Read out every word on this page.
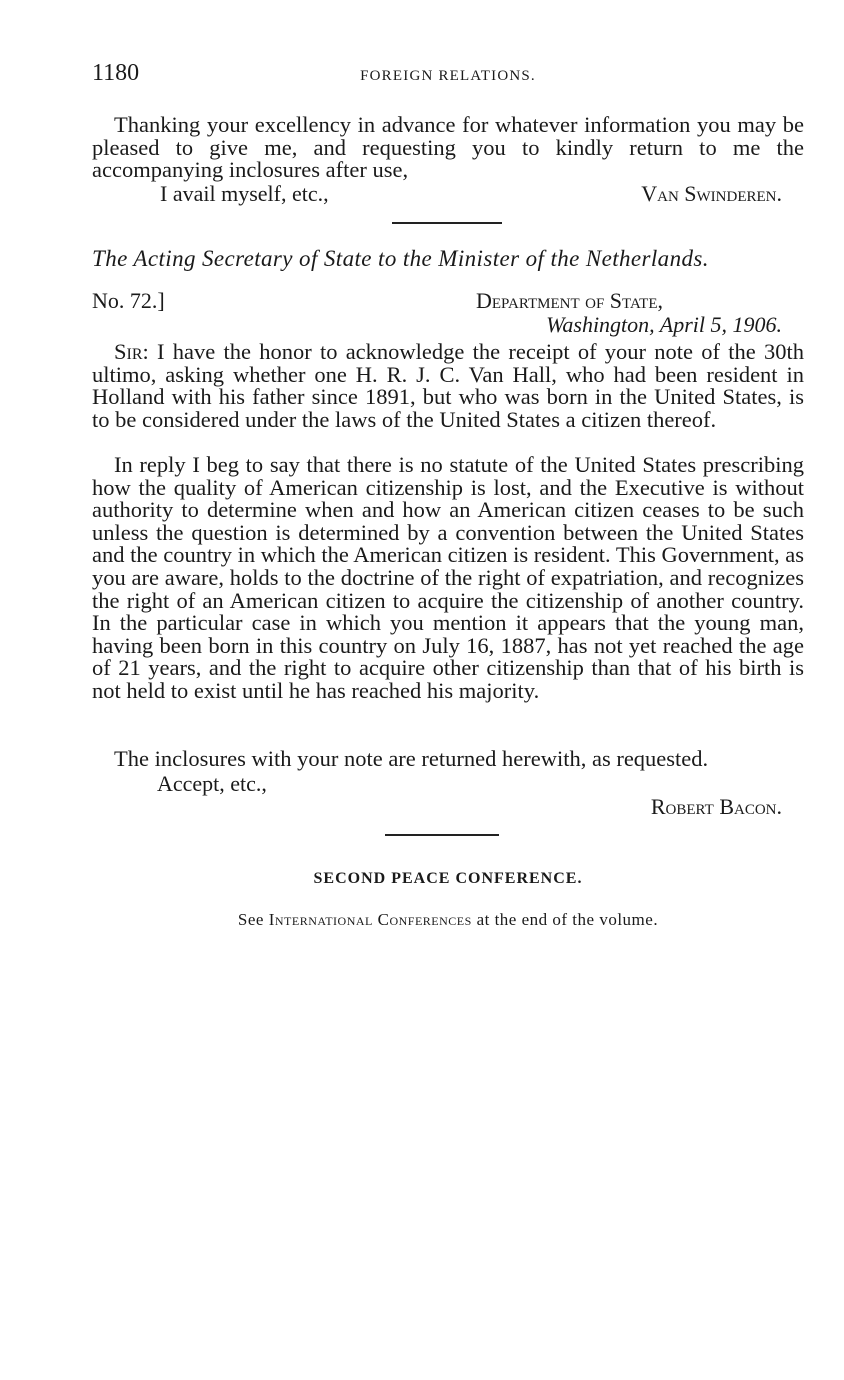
1180	FOREIGN RELATIONS.

Thanking your excellency in advance for whatever information you may be pleased to give me, and requesting you to kindly return to me the accompanying inclosures after use,

I avail myself, etc.,	Van Swinderen.
The Acting Secretary of State to the Minister of the Netherlands.
No. 72.]	Department of State,
Washington, April 5, 1906.

Sir: I have the honor to acknowledge the receipt of your note of the 30th ultimo, asking whether one H. R. J. C. Van Hall, who had been resident in Holland with his father since 1891, but who was born in the United States, is to be considered under the laws of the United States a citizen thereof.

In reply I beg to say that there is no statute of the United States prescribing how the quality of American citizenship is lost, and the Executive is without authority to determine when and how an American citizen ceases to be such unless the question is determined by a convention between the United States and the country in which the American citizen is resident. This Government, as you are aware, holds to the doctrine of the right of expatriation, and recognizes the right of an American citizen to acquire the citizenship of another country. In the particular case in which you mention it appears that the young man, having been born in this country on July 16, 1887, has not yet reached the age of 21 years, and the right to acquire other citizenship than that of his birth is not held to exist until he has reached his majority.

The inclosures with your note are returned herewith, as requested.

Accept, etc.,
Robert Bacon.
SECOND PEACE CONFERENCE.
See International Conferences at the end of the volume.
